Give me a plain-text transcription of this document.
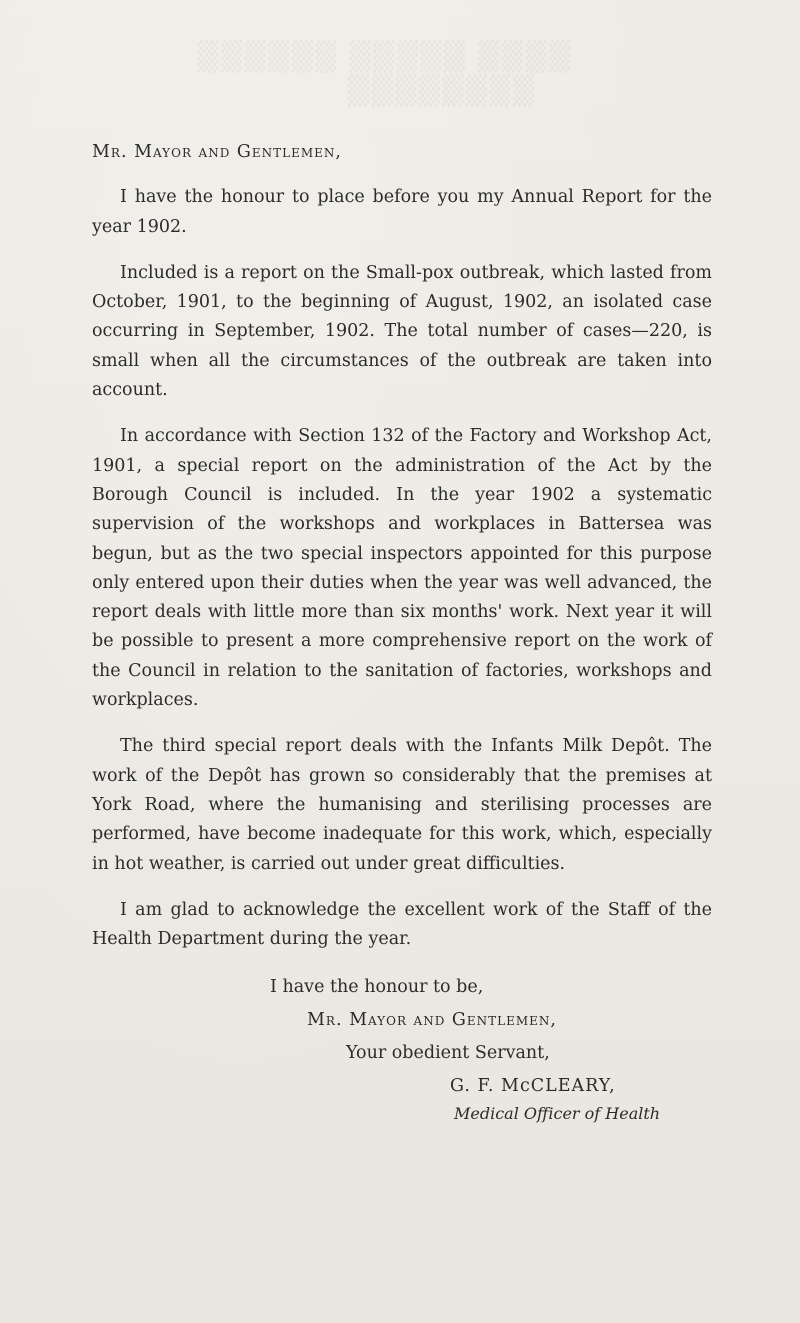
▒▒▒▒ ▒▒▒▒▒ ▒▒▒▒▒▒
▒▒▒▒▒▒▒▒
Mr. Mayor and Gentlemen,

I have the honour to place before you my Annual Report for the year 1902.

Included is a report on the Small-pox outbreak, which lasted from October, 1901, to the beginning of August, 1902, an isolated case occurring in September, 1902. The total number of cases—220, is small when all the circumstances of the outbreak are taken into account.

In accordance with Section 132 of the Factory and Workshop Act, 1901, a special report on the administration of the Act by the Borough Council is included. In the year 1902 a systematic supervision of the workshops and workplaces in Battersea was begun, but as the two special inspectors appointed for this purpose only entered upon their duties when the year was well advanced, the report deals with little more than six months' work. Next year it will be possible to present a more comprehensive report on the work of the Council in relation to the sanitation of factories, workshops and workplaces.

The third special report deals with the Infants Milk Depôt. The work of the Depôt has grown so considerably that the premises at York Road, where the humanising and sterilising processes are performed, have become inadequate for this work, which, especially in hot weather, is carried out under great difficulties.

I am glad to acknowledge the excellent work of the Staff of the Health Department during the year.

I have the honour to be,
Mr. Mayor and Gentlemen,
Your obedient Servant,
G. F. McCLEARY,
Medical Officer of Health
